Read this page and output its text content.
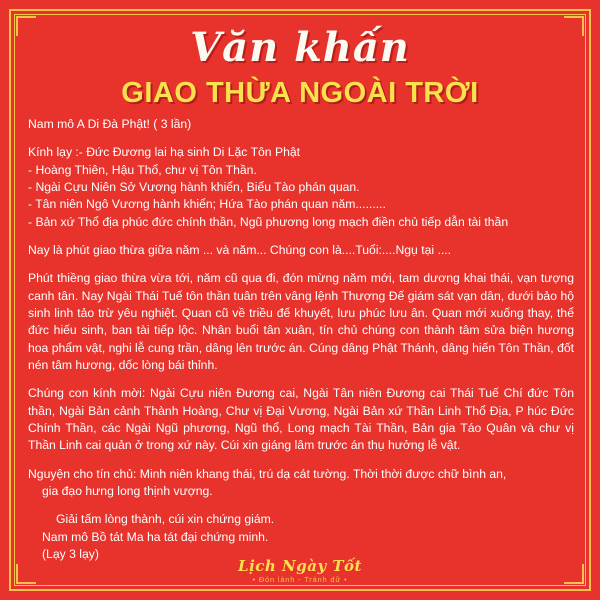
Văn khấn
GIAO THỪA NGOÀI TRỜI

Nam mô A Di Đà Phật! ( 3 lần)

Kính lạy :- Đức Đương lai hạ sinh Di Lặc Tôn Phật
- Hoàng Thiên, Hậu Thổ, chư vị Tôn Thần.
- Ngài Cựu Niên Sở Vương hành khiển, Biểu Tào phán quan.
- Tân niên Ngô Vương hành khiển; Hứa Tào phán quan năm.........
- Bản xứ Thổ địa phúc đức chính thần, Ngũ phương long mạch điền chủ tiếp dẫn tài thần

Nay là phút giao thừa giữa năm ... và năm... Chúng con là....Tuổi:....Ngụ tại ....

Phút thiềng giao thừa vừa tới, năm cũ qua đi, đón mừng năm mới, tam dương khai thái, vạn tượng canh tân. Nay Ngài Thái Tuế tôn thần tuân trên vâng lệnh Thượng Đế giám sát vạn dân, dưới bảo hộ sinh linh tảo trừ yêu nghiệt. Quan cũ về triều đế khuyết, lưu phúc lưu ân. Quan mới xuống thay, thể đức hiếu sinh, ban tài tiếp lộc. Nhân buổi tân xuân, tín chủ chúng con thành tâm sửa biện hương hoa phẩm vật, nghi lễ cung trần, dâng lên trước án. Cúng dâng Phật Thánh, dâng hiến Tôn Thần, đốt nén tâm hương, dốc lòng bái thỉnh.

Chúng con kính mời: Ngài Cựu niên Đương cai, Ngài Tân niên Đương cai Thái Tuế Chí đức Tôn thần, Ngài Bản cảnh Thành Hoàng, Chư vị Đại Vương, Ngài Bản xứ Thần Linh Thổ Địa, P húc Đức Chính Thần, các Ngài Ngũ phương, Ngũ thổ, Long mạch Tài Thần, Bản gia Táo Quân và chư vị Thần Linh cai quản ở trong xứ này. Cúi xin giáng lâm trước án thụ hưởng lễ vật.

Nguyện cho tín chủ: Minh niên khang thái, trú dạ cát tường. Thời thời được chữ bình an,
gia đạo hưng long thịnh vượng.
Giải tấm lòng thành, cúi xin chứng giám.
Nam mô Bồ tát Ma ha tát đại chứng minh.
(Lạy 3 lạy)
Lịch Ngày Tốt
• Đón lành - Tránh dữ •
